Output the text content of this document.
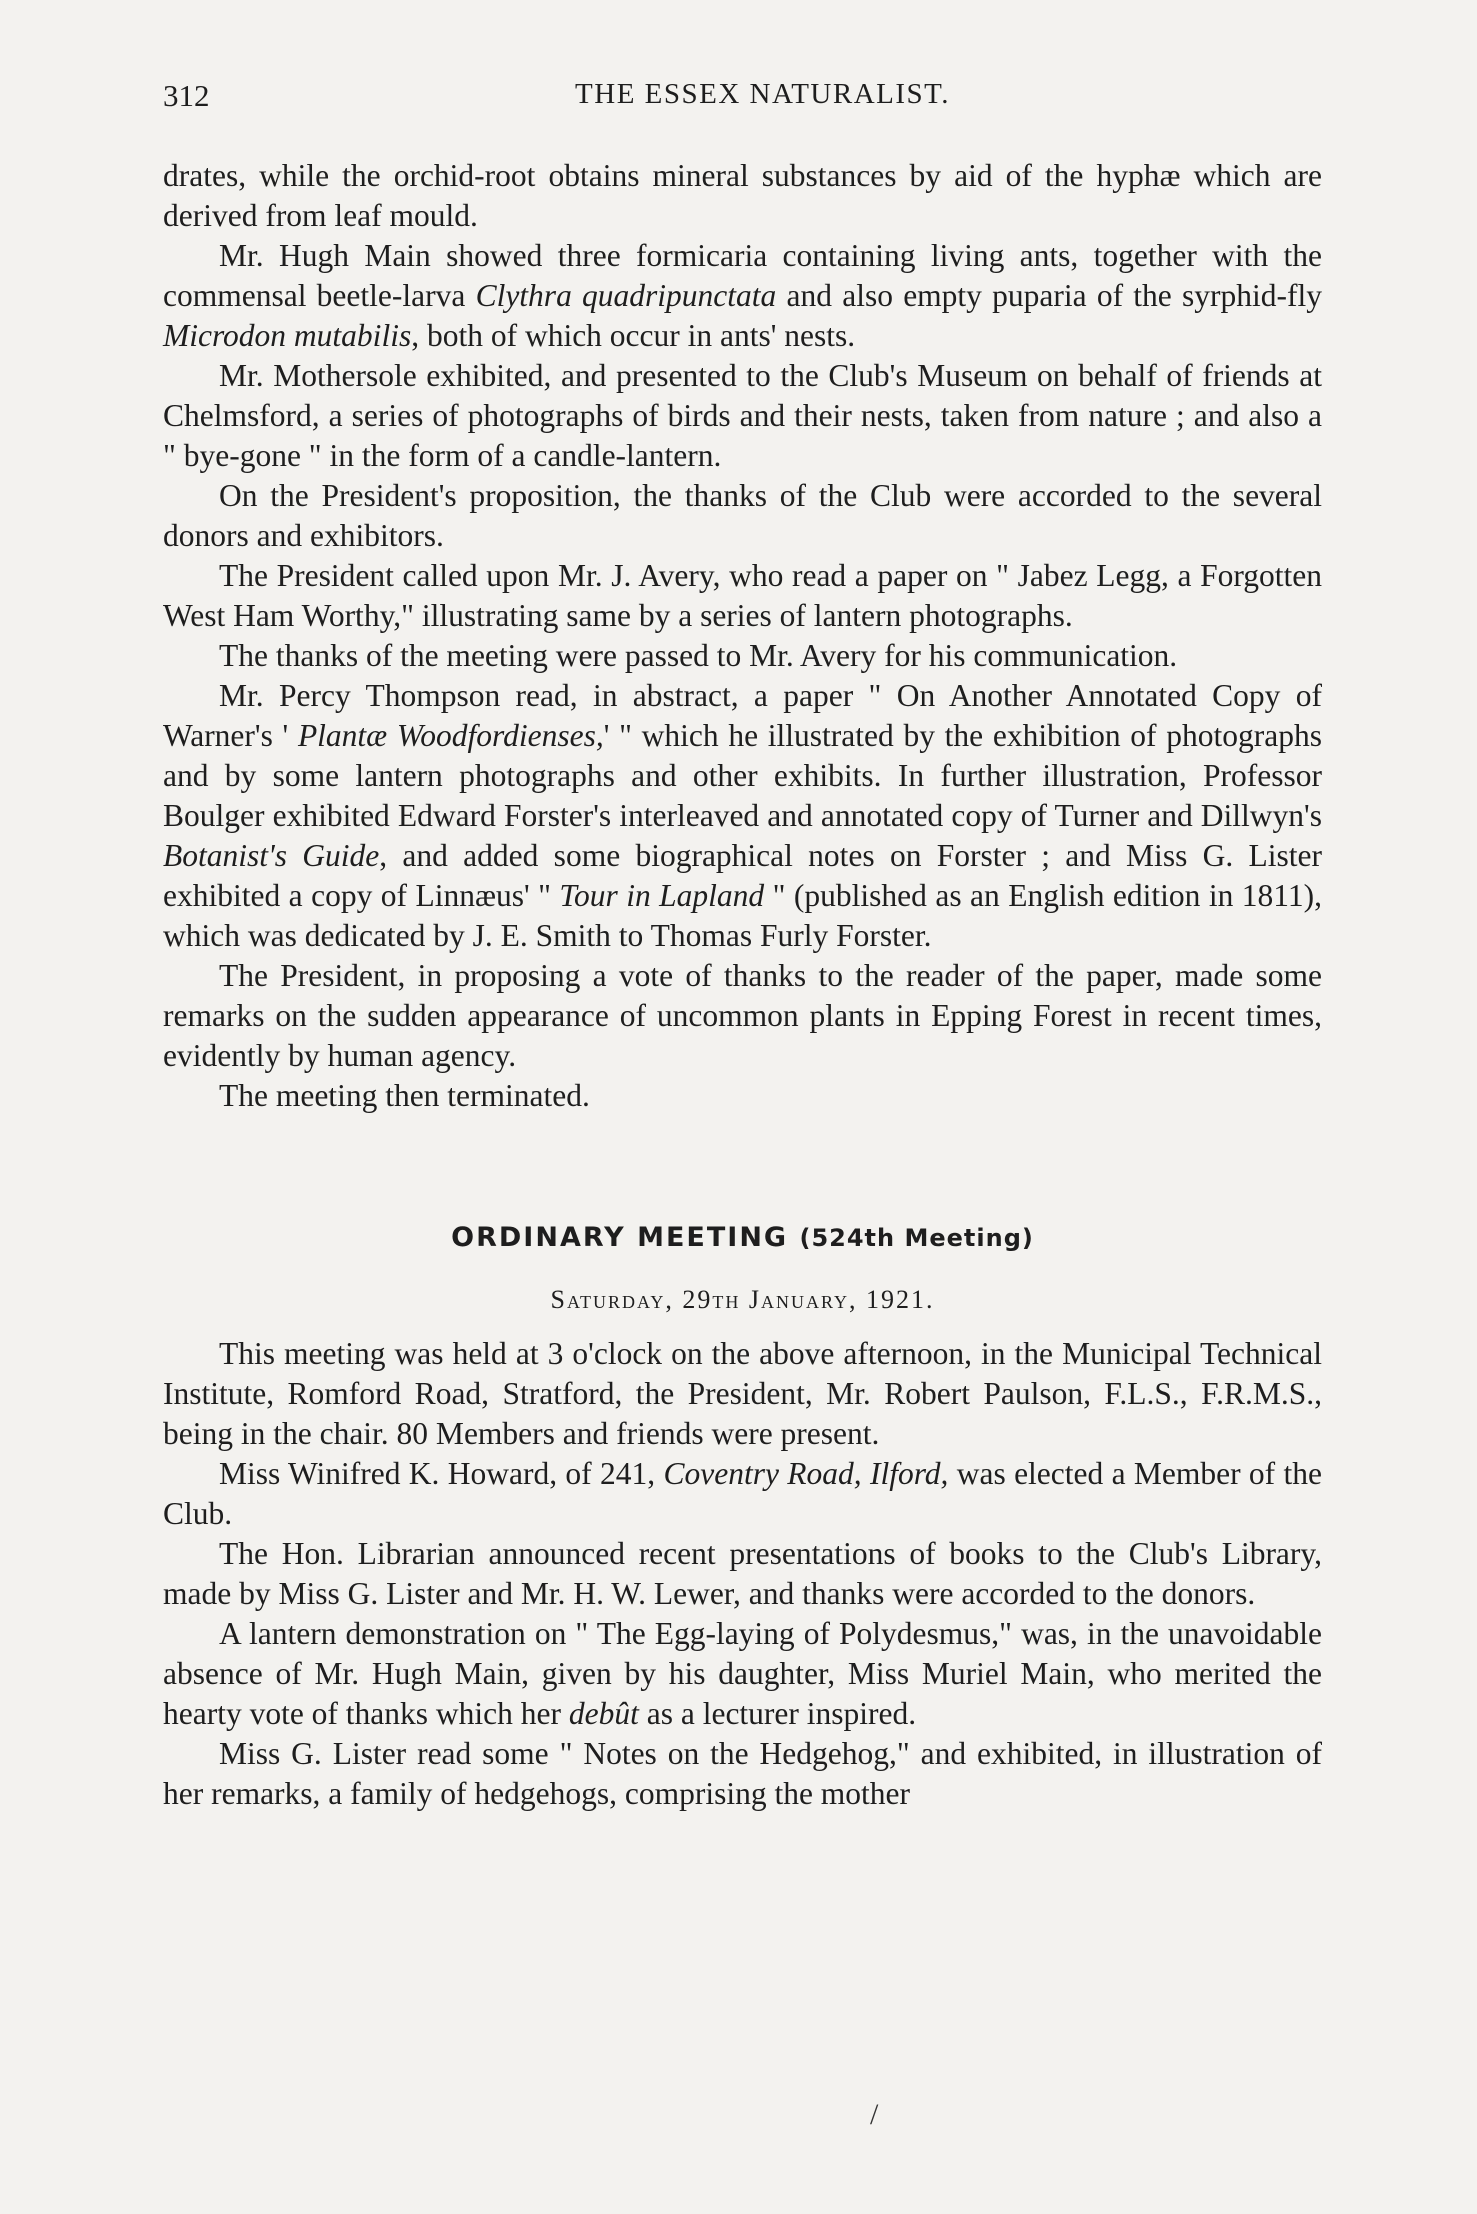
312	THE ESSEX NATURALIST.

drates, while the orchid-root obtains mineral substances by aid of the hyphæ which are derived from leaf mould.

Mr. Hugh Main showed three formicaria containing living ants, together with the commensal beetle-larva Clythra quadripunctata and also empty puparia of the syrphid-fly Microdon mutabilis, both of which occur in ants' nests.

Mr. Mothersole exhibited, and presented to the Club's Museum on behalf of friends at Chelmsford, a series of photographs of birds and their nests, taken from nature ; and also a " bye-gone " in the form of a candle-lantern.

On the President's proposition, the thanks of the Club were accorded to the several donors and exhibitors.

The President called upon Mr. J. Avery, who read a paper on " Jabez Legg, a Forgotten West Ham Worthy," illustrating same by a series of lantern photographs.

The thanks of the meeting were passed to Mr. Avery for his communication.

Mr. Percy Thompson read, in abstract, a paper " On Another Annotated Copy of Warner's ' Plantæ Woodfordienses,' " which he illustrated by the exhibition of photographs and by some lantern photographs and other exhibits. In further illustration, Professor Boulger exhibited Edward Forster's interleaved and annotated copy of Turner and Dillwyn's Botanist's Guide, and added some biographical notes on Forster ; and Miss G. Lister exhibited a copy of Linnæus' " Tour in Lapland " (published as an English edition in 1811), which was dedicated by J. E. Smith to Thomas Furly Forster.

The President, in proposing a vote of thanks to the reader of the paper, made some remarks on the sudden appearance of uncommon plants in Epping Forest in recent times, evidently by human agency.

The meeting then terminated.

ORDINARY MEETING (524th Meeting)
Saturday, 29th January, 1921.

This meeting was held at 3 o'clock on the above afternoon, in the Municipal Technical Institute, Romford Road, Stratford, the President, Mr. Robert Paulson, F.L.S., F.R.M.S., being in the chair. 80 Members and friends were present.

Miss Winifred K. Howard, of 241, Coventry Road, Ilford, was elected a Member of the Club.

The Hon. Librarian announced recent presentations of books to the Club's Library, made by Miss G. Lister and Mr. H. W. Lewer, and thanks were accorded to the donors.

A lantern demonstration on " The Egg-laying of Polydesmus," was, in the unavoidable absence of Mr. Hugh Main, given by his daughter, Miss Muriel Main, who merited the hearty vote of thanks which her debût as a lecturer inspired.

Miss G. Lister read some " Notes on the Hedgehog," and exhibited, in illustration of her remarks, a family of hedgehogs, comprising the mother

/
